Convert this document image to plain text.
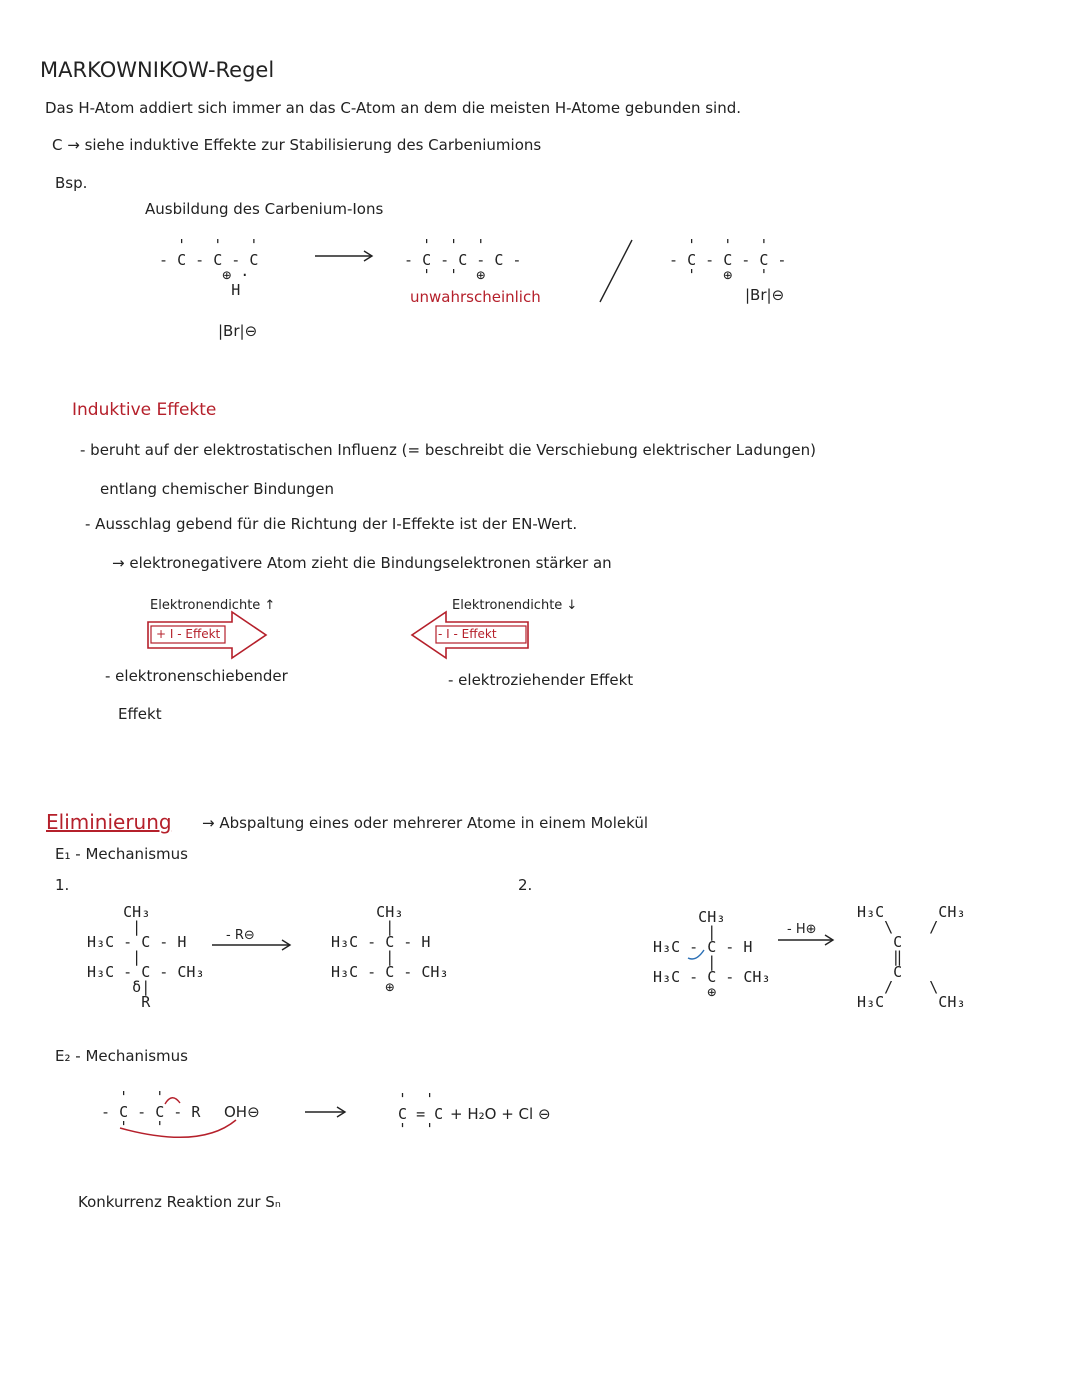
MARKOWNIKOW-Regel
Das H-Atom addiert sich immer an das C-Atom an dem die meisten H-Atome gebunden sind.
C → siehe induktive Effekte zur Stabilisierung des Carbeniumions
Bsp.
Ausbildung des Carbenium-Ions
'   '   '
- C - C - C
⊕ ·
H
|Br|⊖
'  '  '
- C - C - C -
'  '  ⊕
unwahrscheinlich
'   '   '
- C - C - C -
'   ⊕   '
|Br|⊖
Induktive Effekte
- beruht auf der elektrostatischen Influenz (= beschreibt die Verschiebung elektrischer Ladungen)
entlang chemischer Bindungen
- Ausschlag gebend für die Richtung der I-Effekte ist der EN-Wert.
→ elektronegativere Atom zieht die Bindungselektronen stärker an
Elektronendichte ↑
+ I - Effekt
- elektronenschiebender
Effekt
Elektronendichte ↓
- I - Effekt
- elektroziehender Effekt
Eliminierung → Abspaltung eines oder mehrerer Atome in einem Molekül
E₁ - Mechanismus
1.	2.
CH₃
|
H₃C - C - H
|
H₃C - C - CH₃
δ|
R
- R⊖
CH₃
|
H₃C - C - H
|
H₃C - C - CH₃
⊕
CH₃
|
H₃C - C - H
|
H₃C - C - CH₃
⊕
- H⊕
H₃C      CH₃
\    /
C
‖
C
/    \
H₃C      CH₃
E₂ - Mechanismus
'   '
- C - C - R
'   '
OH⊖
'  '
C = C
'  '
+ H₂O + Cl ⊖
Konkurrenz Reaktion zur Sₙ
